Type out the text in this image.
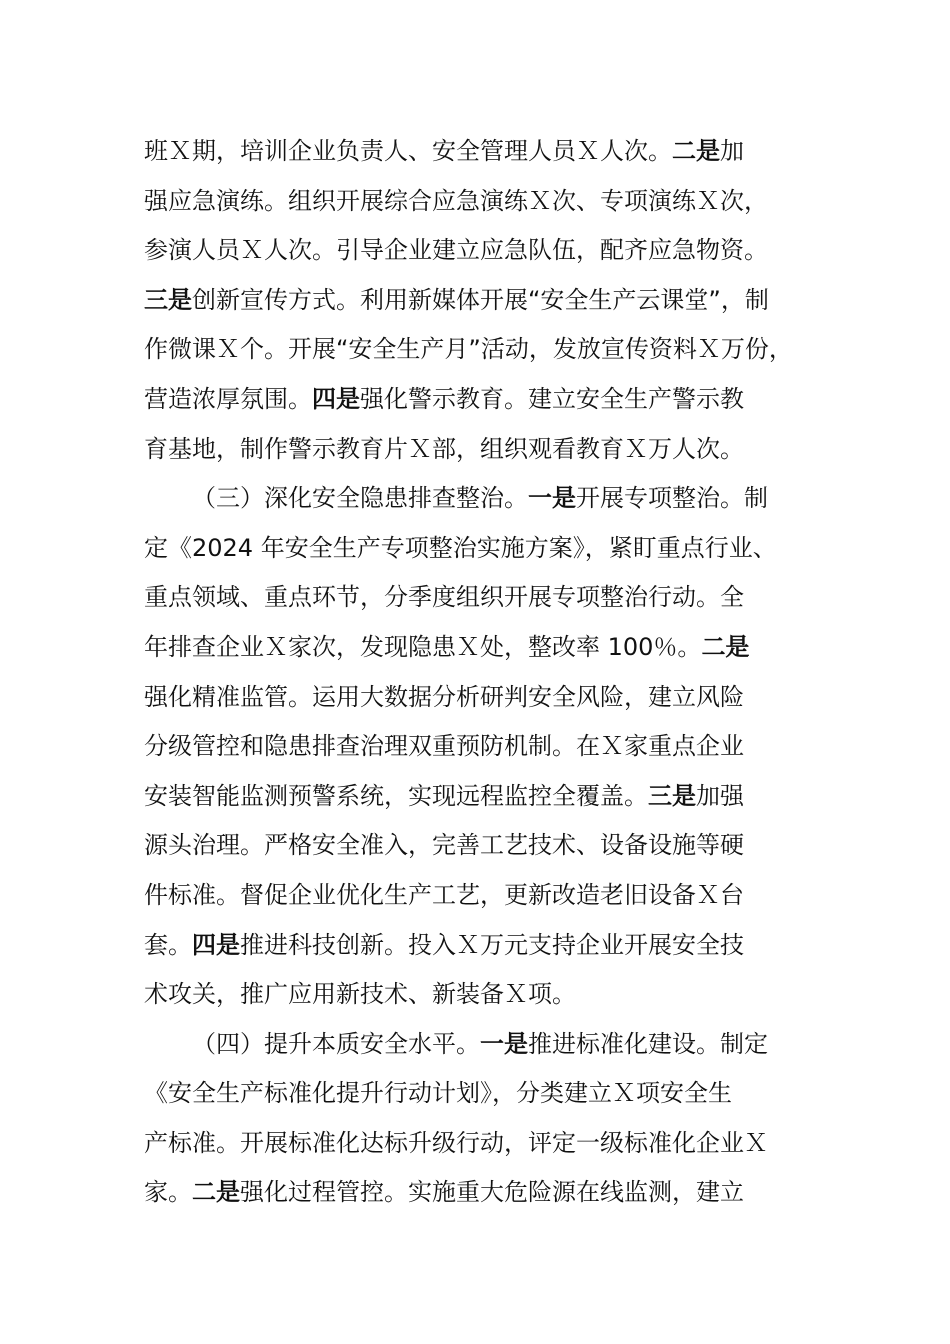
班Ｘ期，培训企业负责人、安全管理人员Ｘ人次。二是加
强应急演练。组织开展综合应急演练Ｘ次、专项演练Ｘ次，
参演人员Ｘ人次。引导企业建立应急队伍，配齐应急物资。
三是创新宣传方式。利用新媒体开展“安全生产云课堂”，制
作微课Ｘ个。开展“安全生产月”活动，发放宣传资料Ｘ万份，
营造浓厚氛围。四是强化警示教育。建立安全生产警示教
育基地，制作警示教育片Ｘ部，组织观看教育Ｘ万人次。
（三）深化安全隐患排查整治。一是开展专项整治。制
定《2024 年安全生产专项整治实施方案》，紧盯重点行业、
重点领域、重点环节，分季度组织开展专项整治行动。全
年排查企业Ｘ家次，发现隐患Ｘ处，整改率 100％。二是
强化精准监管。运用大数据分析研判安全风险，建立风险
分级管控和隐患排查治理双重预防机制。在Ｘ家重点企业
安装智能监测预警系统，实现远程监控全覆盖。三是加强
源头治理。严格安全准入，完善工艺技术、设备设施等硬
件标准。督促企业优化生产工艺，更新改造老旧设备Ｘ台
套。四是推进科技创新。投入Ｘ万元支持企业开展安全技
术攻关，推广应用新技术、新装备Ｘ项。
（四）提升本质安全水平。一是推进标准化建设。制定
《安全生产标准化提升行动计划》，分类建立Ｘ项安全生
产标准。开展标准化达标升级行动，评定一级标准化企业Ｘ
家。二是强化过程管控。实施重大危险源在线监测，建立
